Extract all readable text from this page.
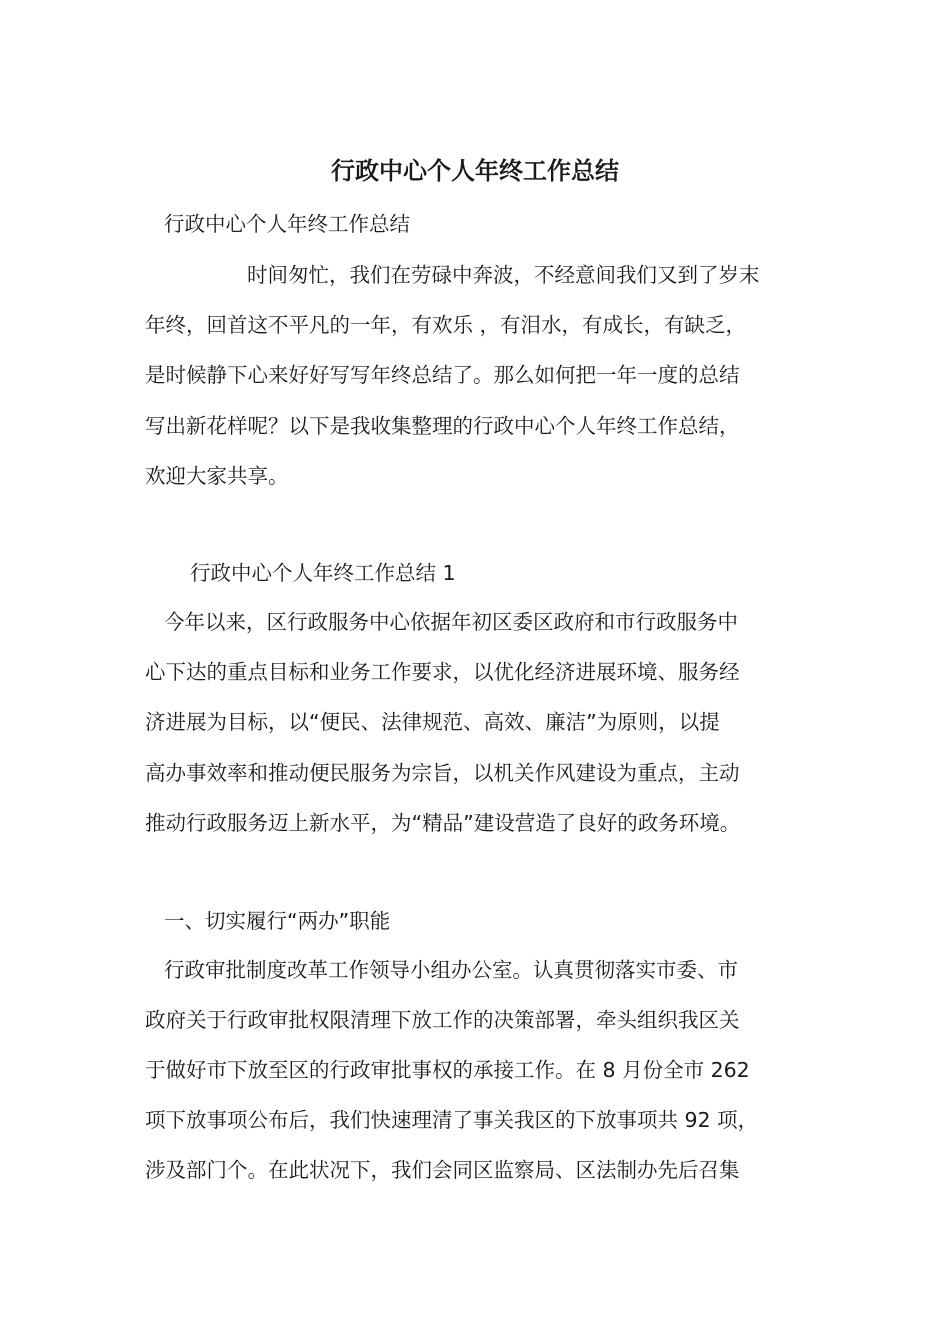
行政中心个人年终工作总结
行政中心个人年终工作总结
时间匆忙，我们在劳碌中奔波，不经意间我们又到了岁末
年终，回首这不平凡的一年，有欢乐 ，有泪水，有成长，有缺乏，
是时候静下心来好好写写年终总结了。那么如何把一年一度的总结
写出新花样呢？以下是我收集整理的行政中心个人年终工作总结，
欢迎大家共享。
行政中心个人年终工作总结 1
今年以来，区行政服务中心依据年初区委区政府和市行政服务中
心下达的重点目标和业务工作要求，以优化经济进展环境、服务经
济进展为目标，以“便民、法律规范、高效、廉洁”为原则，以提
高办事效率和推动便民服务为宗旨，以机关作风建设为重点，主动
推动行政服务迈上新水平，为“精品”建设营造了良好的政务环境。
一、切实履行“两办”职能
行政审批制度改革工作领导小组办公室。认真贯彻落实市委、市
政府关于行政审批权限清理下放工作的决策部署，牵头组织我区关
于做好市下放至区的行政审批事权的承接工作。在 8 月份全市 262
项下放事项公布后，我们快速理清了事关我区的下放事项共 92 项，
涉及部门个。在此状况下，我们会同区监察局、区法制办先后召集
